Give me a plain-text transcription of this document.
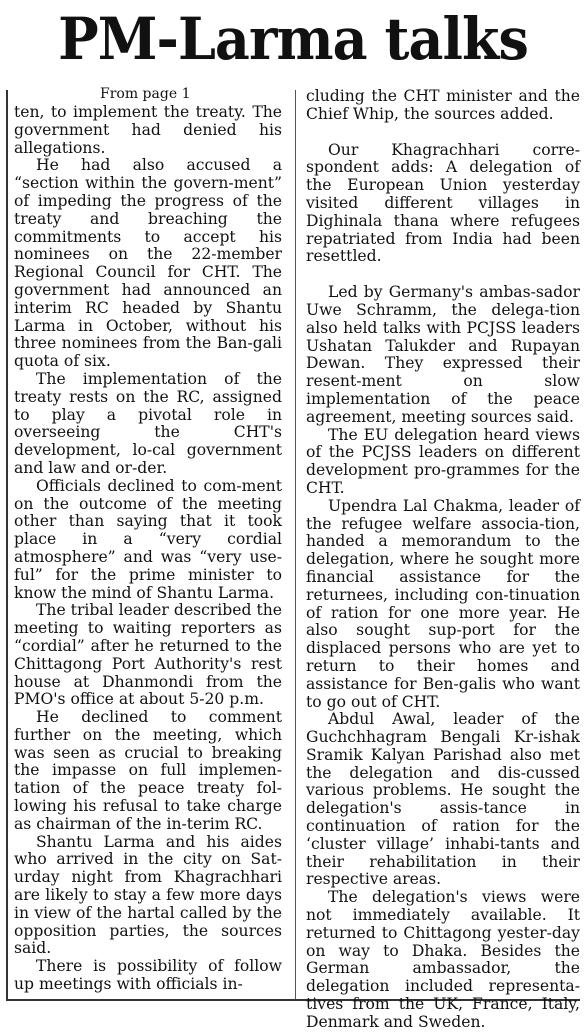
PM-Larma talks
From page 1

ten, to implement the treaty. The government had denied his allegations.

He had also accused a “section within the govern-ment” of impeding the progress of the treaty and breaching the commitments to accept his nominees on the 22-member Regional Council for CHT. The government had announced an interim RC headed by Shantu Larma in October, without his three nominees from the Ban-gali quota of six.

The implementation of the treaty rests on the RC, assigned to play a pivotal role in overseeing the CHT's development, lo-cal government and law and or-der.

Officials declined to com-ment on the outcome of the meeting other than saying that it took place in a “very cordial atmosphere” and was “very use-ful” for the prime minister to know the mind of Shantu Larma.

The tribal leader described the meeting to waiting reporters as “cordial” after he returned to the Chittagong Port Authority's rest house at Dhanmondi from the PMO's office at about 5-20 p.m.

He declined to comment further on the meeting, which was seen as crucial to breaking the impasse on full implemen-tation of the peace treaty fol-lowing his refusal to take charge as chairman of the in-terim RC.

Shantu Larma and his aides who arrived in the city on Sat-urday night from Khagrachhari are likely to stay a few more days in view of the hartal called by the opposition parties, the sources said.

There is possibility of follow up meetings with officials in-

cluding the CHT minister and the Chief Whip, the sources added.

Our Khagrachhari corre-spondent adds: A delegation of the European Union yesterday visited different villages in Dighinala thana where refugees repatriated from India had been resettled.

Led by Germany's ambas-sador Uwe Schramm, the delega-tion also held talks with PCJSS leaders Ushatan Talukder and Rupayan Dewan. They expressed their resent-ment on slow implementation of the peace agreement, meeting sources said.

The EU delegation heard views of the PCJSS leaders on different development pro-grammes for the CHT.

Upendra Lal Chakma, leader of the refugee welfare associa-tion, handed a memorandum to the delegation, where he sought more financial assistance for the returnees, including con-tinuation of ration for one more year. He also sought sup-port for the displaced persons who are yet to return to their homes and assistance for Ben-galis who want to go out of CHT.

Abdul Awal, leader of the Guchchhagram Bengali Kr-ishak Sramik Kalyan Parishad also met the delegation and dis-cussed various problems. He sought the delegation's assis-tance in continuation of ration for the ‘cluster village’ inhabi-tants and their rehabilitation in their respective areas.

The delegation's views were not immediately available. It returned to Chittagong yester-day on way to Dhaka. Besides the German ambassador, the delegation included representa-tives from the UK, France, Italy, Denmark and Sweden.
